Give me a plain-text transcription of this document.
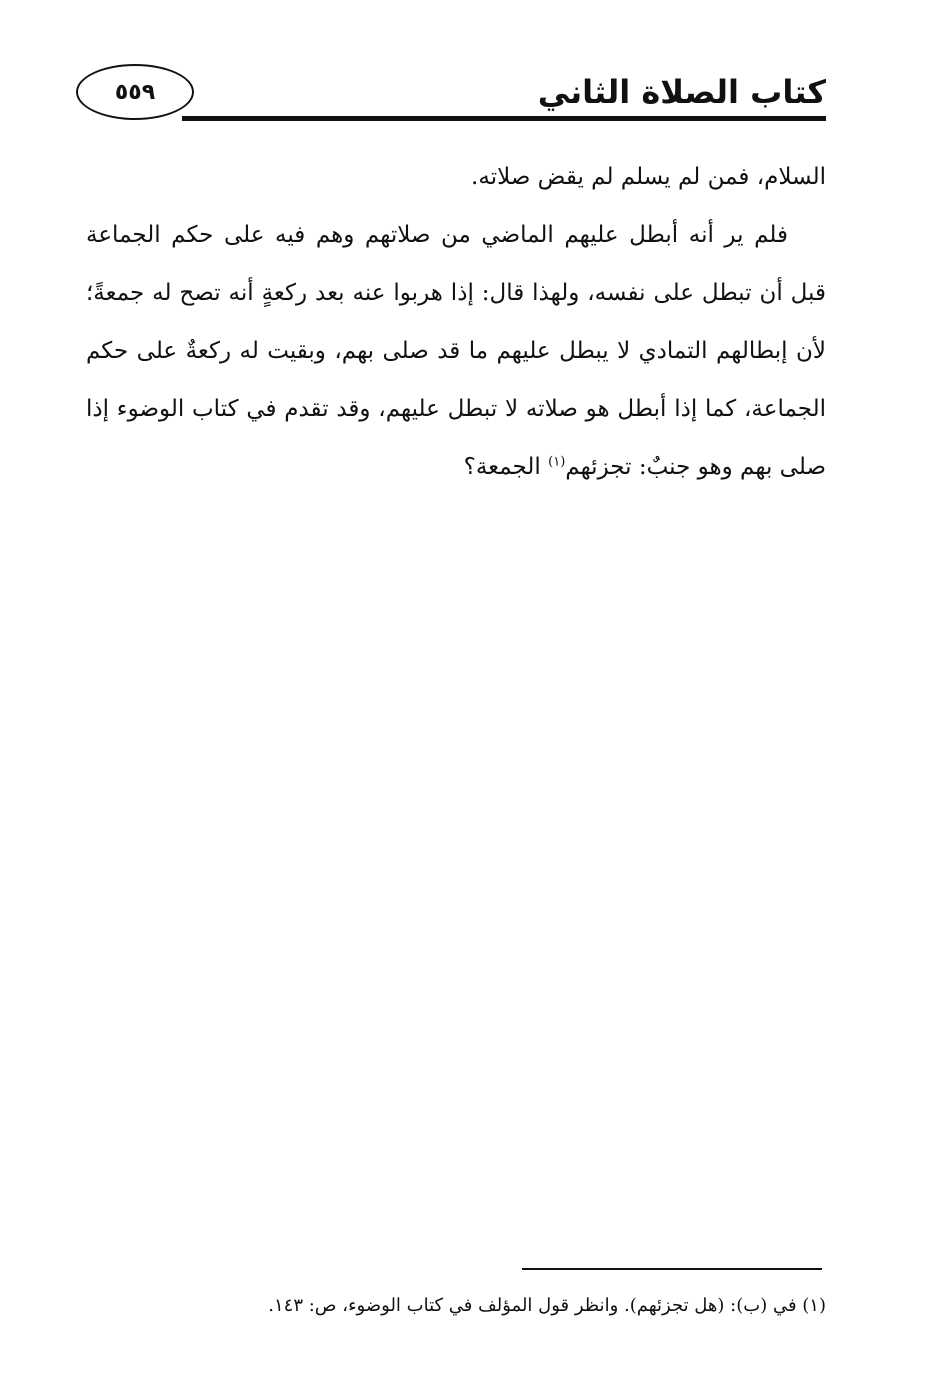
كتاب الصلاة الثاني
٥٥٩

السلام، فمن لم يسلم لم يقض صلاته.

فلم ير أنه أبطل عليهم الماضي من صلاتهم وهم فيه على حكم الجماعة قبل أن تبطل على نفسه، ولهذا قال: إذا هربوا عنه بعد ركعةٍ أنه تصح له جمعةً؛ لأن إبطالهم التمادي لا يبطل عليهم ما قد صلى بهم، وبقيت له ركعةٌ على حكم الجماعة، كما إذا أبطل هو صلاته لا تبطل عليهم، وقد تقدم في كتاب الوضوء إذا صلى بهم وهو جنبٌ: تجزئهم$^{(١)}$ الجمعة؟

(١) في (ب): (هل تجزئهم). وانظر قول المؤلف في كتاب الوضوء، ص: ١٤٣.
